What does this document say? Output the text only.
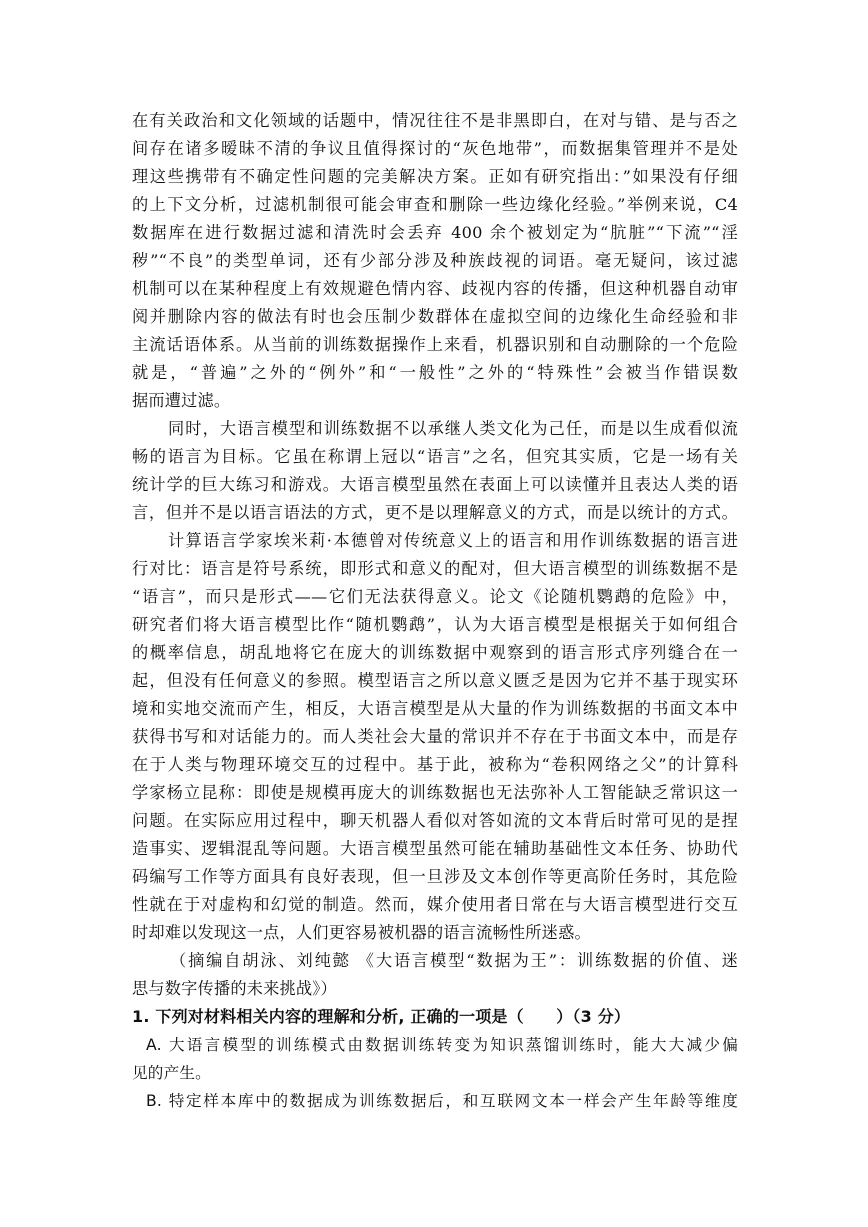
在有关政治和文化领域的话题中，情况往往不是非黑即白，在对与错、是与否之
间存在诸多暧昧不清的争议且值得探讨的“灰色地带”，而数据集管理并不是处
理这些携带有不确定性问题的完美解决方案。正如有研究指出：”如果没有仔细
的上下文分析，过滤机制很可能会审查和删除一些边缘化经验。”举例来说，C4
数据库在进行数据过滤和清洗时会丢弃 400 余个被划定为“肮脏”“下流”“淫
秽”“不良”的类型单词，还有少部分涉及种族歧视的词语。毫无疑问，该过滤
机制可以在某种程度上有效规避色情内容、歧视内容的传播，但这种机器自动审
阅并删除内容的做法有时也会压制少数群体在虚拟空间的边缘化生命经验和非
主流话语体系。从当前的训练数据操作上来看，机器识别和自动删除的一个危险
就是，“普遍”之外的“例外”和“一般性”之外的“特殊性”会被当作错误数
据而遭过滤。
同时，大语言模型和训练数据不以承继人类文化为己任，而是以生成看似流
畅的语言为目标。它虽在称谓上冠以“语言”之名，但究其实质，它是一场有关
统计学的巨大练习和游戏。大语言模型虽然在表面上可以读懂并且表达人类的语
言，但并不是以语言语法的方式，更不是以理解意义的方式，而是以统计的方式。
计算语言学家埃米莉·本德曾对传统意义上的语言和用作训练数据的语言进
行对比：语言是符号系统，即形式和意义的配对，但大语言模型的训练数据不是
“语言”，而只是形式——它们无法获得意义。论文《论随机鹦鹉的危险》中，
研究者们将大语言模型比作“随机鹦鹉”，认为大语言模型是根据关于如何组合
的概率信息，胡乱地将它在庞大的训练数据中观察到的语言形式序列缝合在一
起，但没有任何意义的参照。模型语言之所以意义匮乏是因为它并不基于现实环
境和实地交流而产生，相反，大语言模型是从大量的作为训练数据的书面文本中
获得书写和对话能力的。而人类社会大量的常识并不存在于书面文本中，而是存
在于人类与物理环境交互的过程中。基于此，被称为“卷积网络之父”的计算科
学家杨立昆称：即使是规模再庞大的训练数据也无法弥补人工智能缺乏常识这一
问题。在实际应用过程中，聊天机器人看似对答如流的文本背后时常可见的是捏
造事实、逻辑混乱等问题。大语言模型虽然可能在辅助基础性文本任务、协助代
码编写工作等方面具有良好表现，但一旦涉及文本创作等更高阶任务时，其危险
性就在于对虚构和幻觉的制造。然而，媒介使用者日常在与大语言模型进行交互
时却难以发现这一点，人们更容易被机器的语言流畅性所迷惑。
（摘编自胡泳、刘纯懿 《大语言模型“数据为王”：训练数据的价值、迷
思与数字传播的未来挑战》）
1. 下列对材料相关内容的理解和分析, 正确的一项是（　　）（3 分）
A. 大语言模型的训练模式由数据训练转变为知识蒸馏训练时，能大大减少偏
见的产生。
B. 特定样本库中的数据成为训练数据后，和互联网文本一样会产生年龄等维度
